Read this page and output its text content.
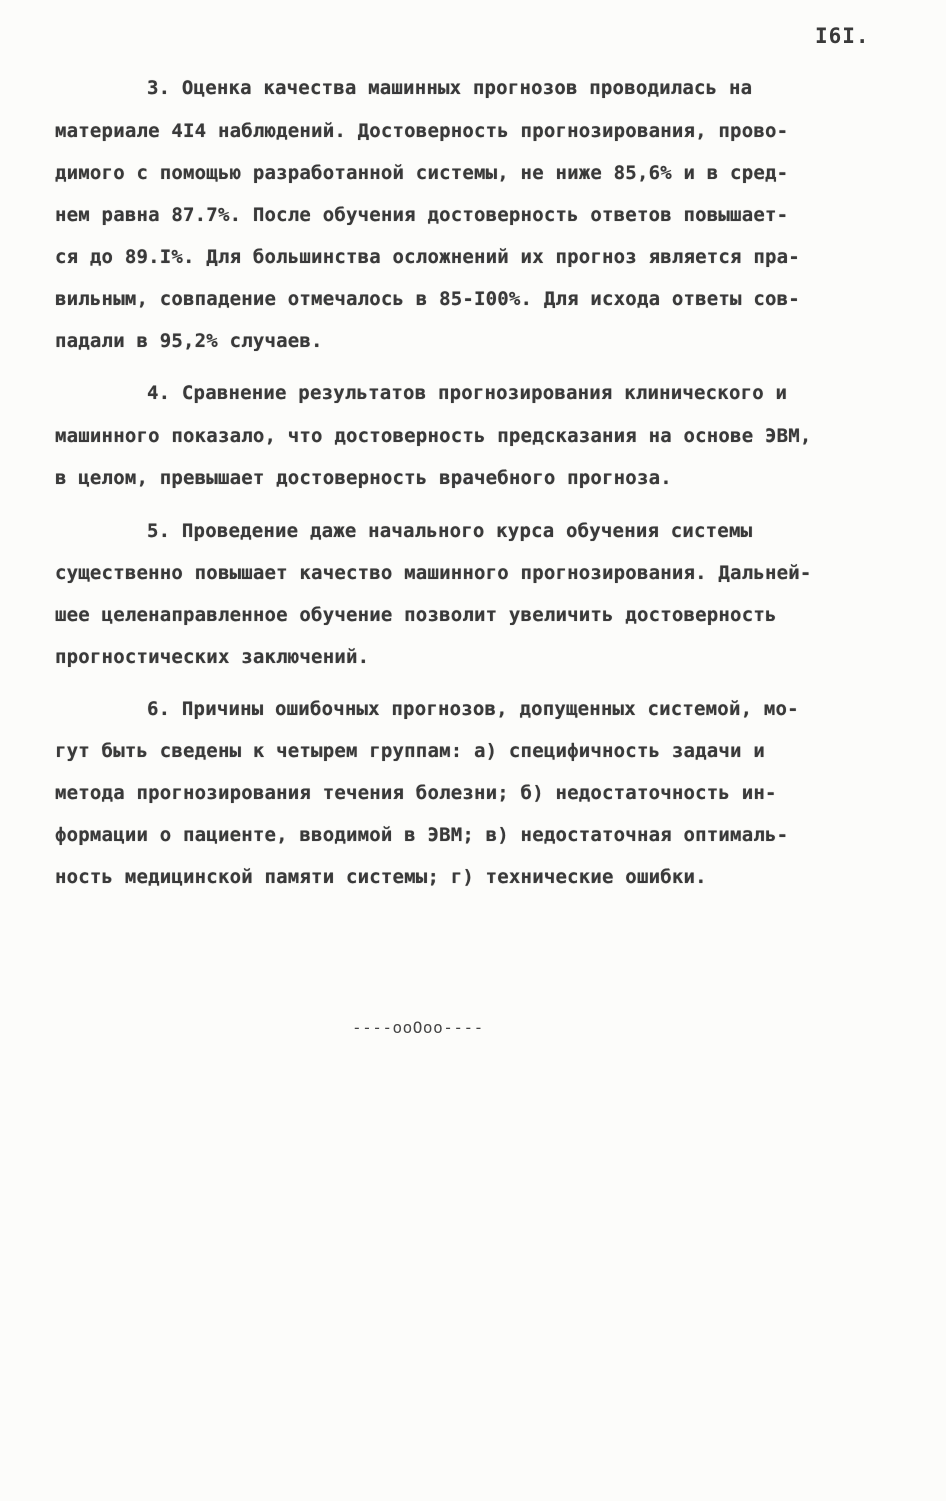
I6I.
3. Оценка качества машинных прогнозов проводилась на
материале 4I4 наблюдений. Достоверность прогнозирования, прово-
димого с помощью разработанной системы, не ниже 85,6% и в сред-
нем равна 87.7%. После обучения достоверность ответов повышает-
ся до 89.I%. Для большинства осложнений их прогноз является пра-
вильным, совпадение отмечалось в 85-I00%. Для исхода ответы сов-
падали в 95,2% случаев.
4. Сравнение результатов прогнозирования клинического и
машинного показало, что достоверность предсказания на основе ЭВМ,
в целом, превышает достоверность врачебного прогноза.
5. Проведение даже начального курса обучения системы
существенно повышает качество машинного прогнозирования. Дальней-
шее целенаправленное обучение позволит увеличить достоверность
прогностических заключений.
6. Причины ошибочных прогнозов, допущенных системой, мо-
гут быть сведены к четырем группам: а) специфичность задачи и
метода прогнозирования течения болезни; б) недостаточность ин-
формации о пациенте, вводимой в ЭВМ; в) недостаточная оптималь-
ность медицинской памяти системы; г) технические ошибки.
----ooOoo----
